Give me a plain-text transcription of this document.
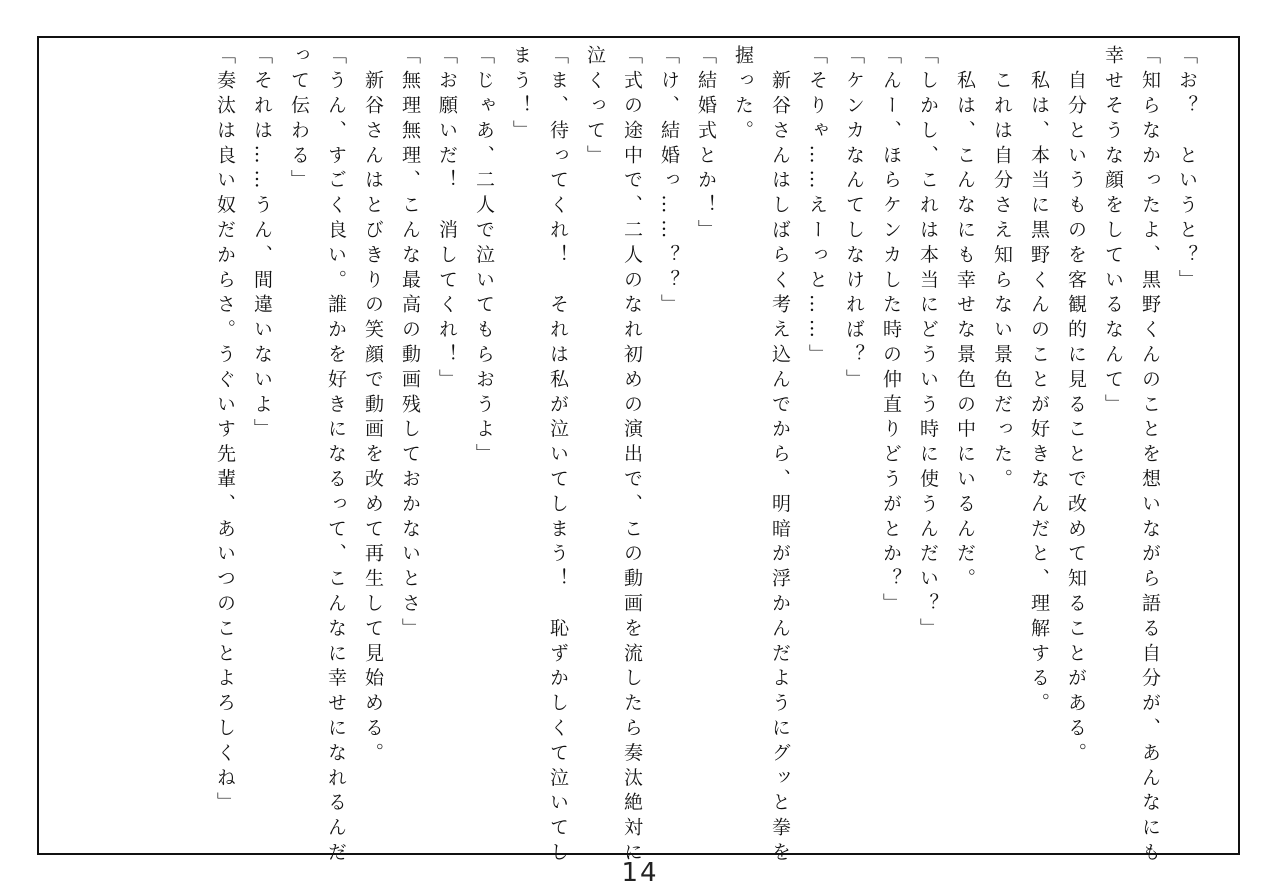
「お？　というと？」

「知らなかったよ、黒野くんのことを想いながら語る自分が、あんなにも

幸せそうな顔をしているなんて」

　自分というものを客観的に見ることで改めて知ることがある。

　私は、本当に黒野くんのことが好きなんだと、理解する。

　これは自分さえ知らない景色だった。

　私は、こんなにも幸せな景色の中にいるんだ。

「しかし、これは本当にどういう時に使うんだい？」

「んー、ほらケンカした時の仲直りどうがとか？」

「ケンカなんてしなければ？」

「そりゃ……えーっと……」

　新谷さんはしばらく考え込んでから、明暗が浮かんだようにグッと拳を

握った。

「結婚式とか！」

「け、結婚っ……？？」

「式の途中で、二人のなれ初めの演出で、この動画を流したら奏汰絶対に

泣くって」

「ま、待ってくれ！　それは私が泣いてしまう！　恥ずかしくて泣いてし

まう！」

「じゃあ、二人で泣いてもらおうよ」

「お願いだ！　消してくれ！」

「無理無理、こんな最高の動画残しておかないとさ」

　新谷さんはとびきりの笑顔で動画を改めて再生して見始める。

「うん、すごく良い。誰かを好きになるって、こんなに幸せになれるんだ

って伝わる」

「それは……うん、間違いないよ」

「奏汰は良い奴だからさ。うぐいす先輩、あいつのことよろしくね」

14
